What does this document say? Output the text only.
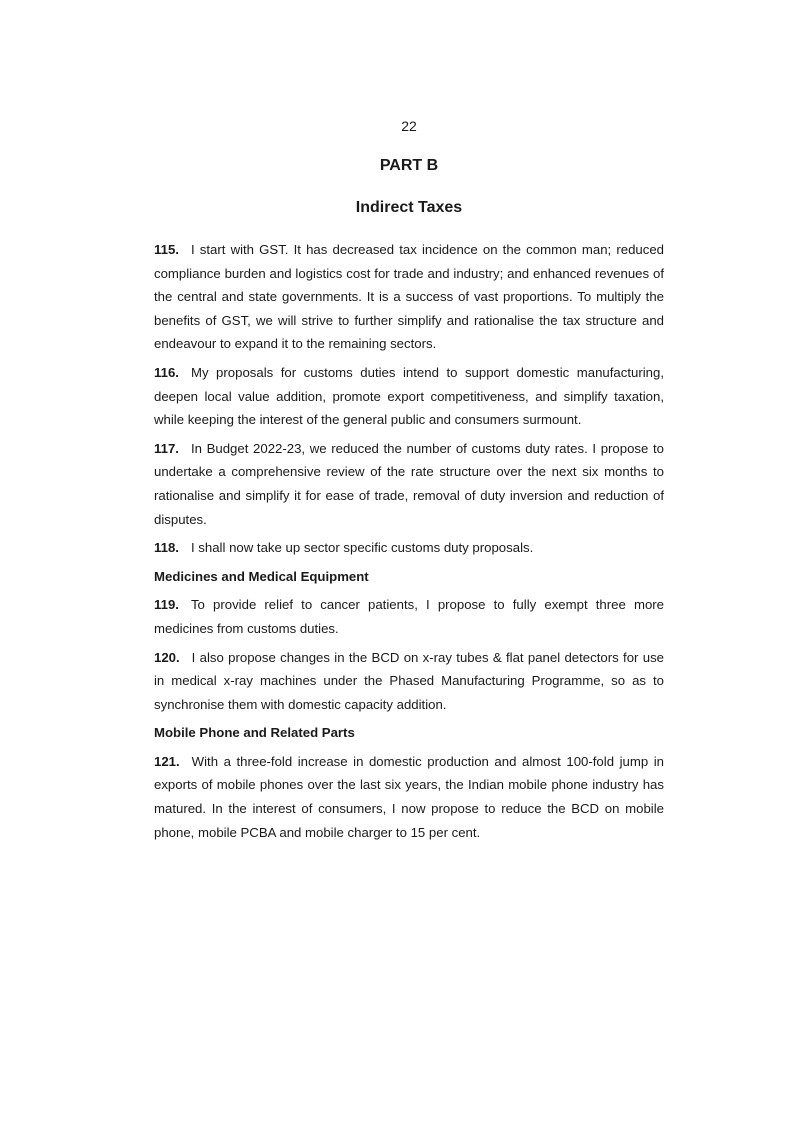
22
PART B
Indirect Taxes

115. I start with GST. It has decreased tax incidence on the common man; reduced compliance burden and logistics cost for trade and industry; and enhanced revenues of the central and state governments. It is a success of vast proportions. To multiply the benefits of GST, we will strive to further simplify and rationalise the tax structure and endeavour to expand it to the remaining sectors.

116. My proposals for customs duties intend to support domestic manufacturing, deepen local value addition, promote export competitiveness, and simplify taxation, while keeping the interest of the general public and consumers surmount.

117. In Budget 2022-23, we reduced the number of customs duty rates. I propose to undertake a comprehensive review of the rate structure over the next six months to rationalise and simplify it for ease of trade, removal of duty inversion and reduction of disputes.

118. I shall now take up sector specific customs duty proposals.

Medicines and Medical Equipment

119. To provide relief to cancer patients, I propose to fully exempt three more medicines from customs duties.

120. I also propose changes in the BCD on x-ray tubes & flat panel detectors for use in medical x-ray machines under the Phased Manufacturing Programme, so as to synchronise them with domestic capacity addition.

Mobile Phone and Related Parts

121. With a three-fold increase in domestic production and almost 100-fold jump in exports of mobile phones over the last six years, the Indian mobile phone industry has matured. In the interest of consumers, I now propose to reduce the BCD on mobile phone, mobile PCBA and mobile charger to 15 per cent.
